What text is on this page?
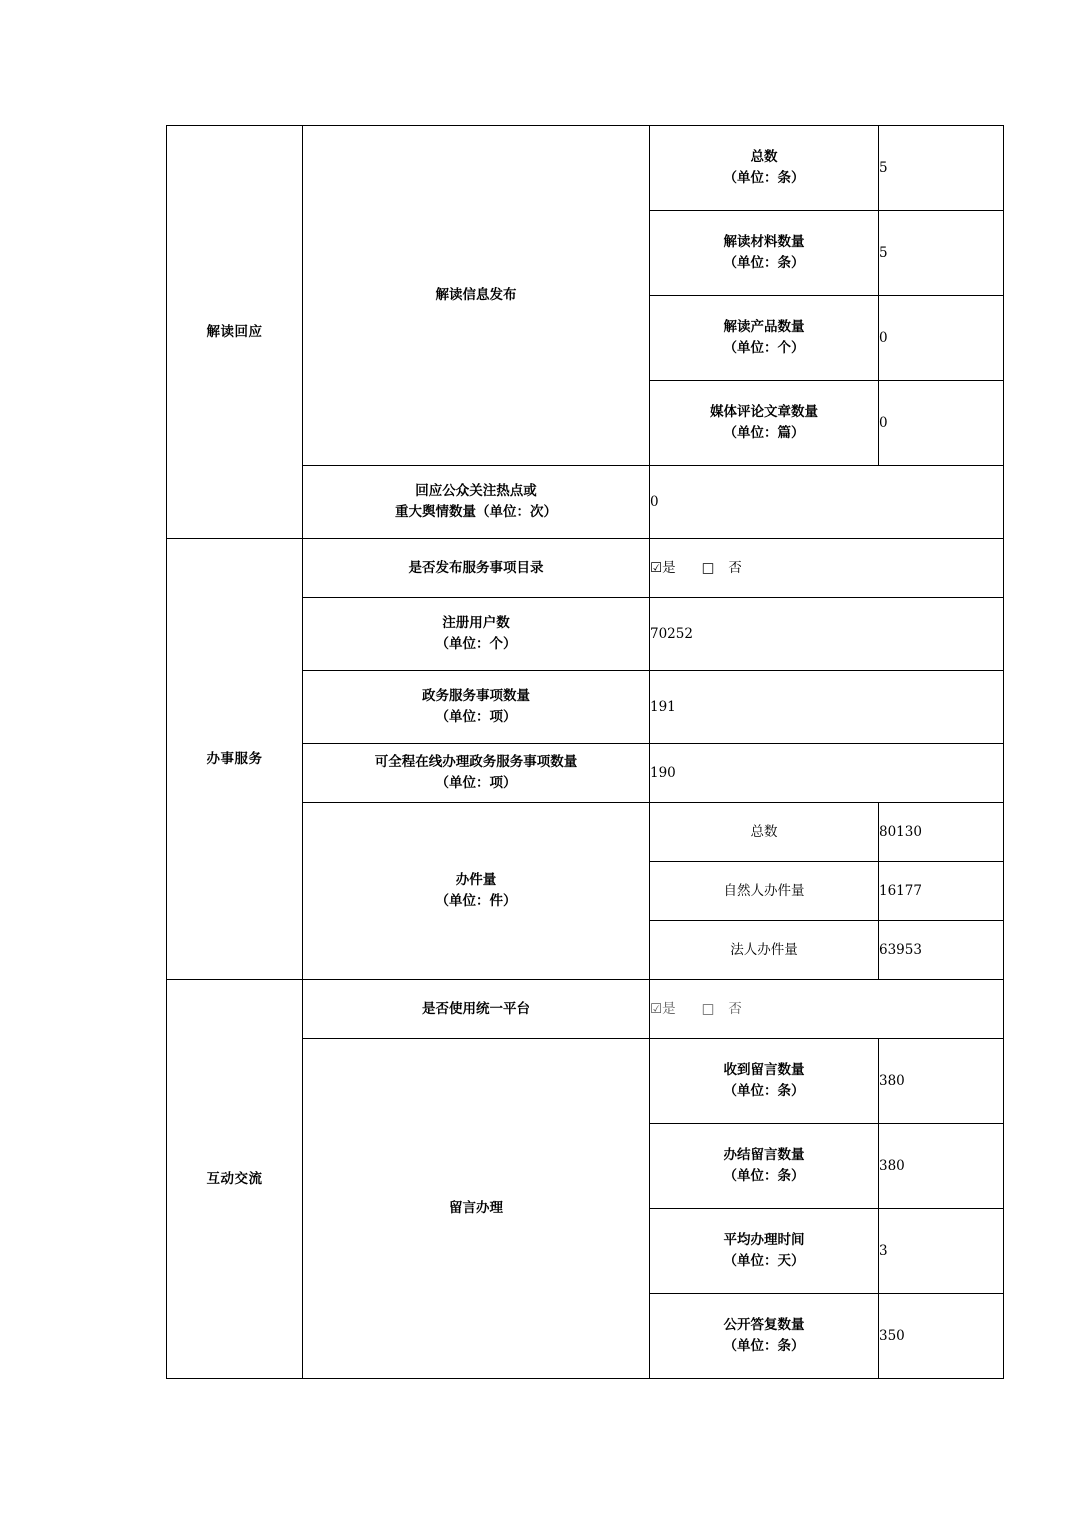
解读回应	解读信息发布	总数
（单位：条）	5

		解读材料数量
（单位：条）	5

		解读产品数量
（单位：个）	0

		媒体评论文章数量
（单位：篇）	0

	回应公众关注热点或
重大舆情数量（单位：次）	0	
办事服务	是否发布服务事项目录	☑是 □ 否	

	注册用户数
（单位：个）	70252	

	政务服务事项数量
（单位：项）	191	

	可全程在线办理政务服务事项数量
（单位：项）	190	

	办件量
（单位：件）	总数	80130
		自然人办件量	16177
		法人办件量	63953
互动交流	是否使用统一平台	☑是 □ 否	
	留言办理	收到留言数量
（单位：条）	380

		办结留言数量
（单位：条）	380

		平均办理时间
（单位：天）	3

		公开答复数量
（单位：条）	350
